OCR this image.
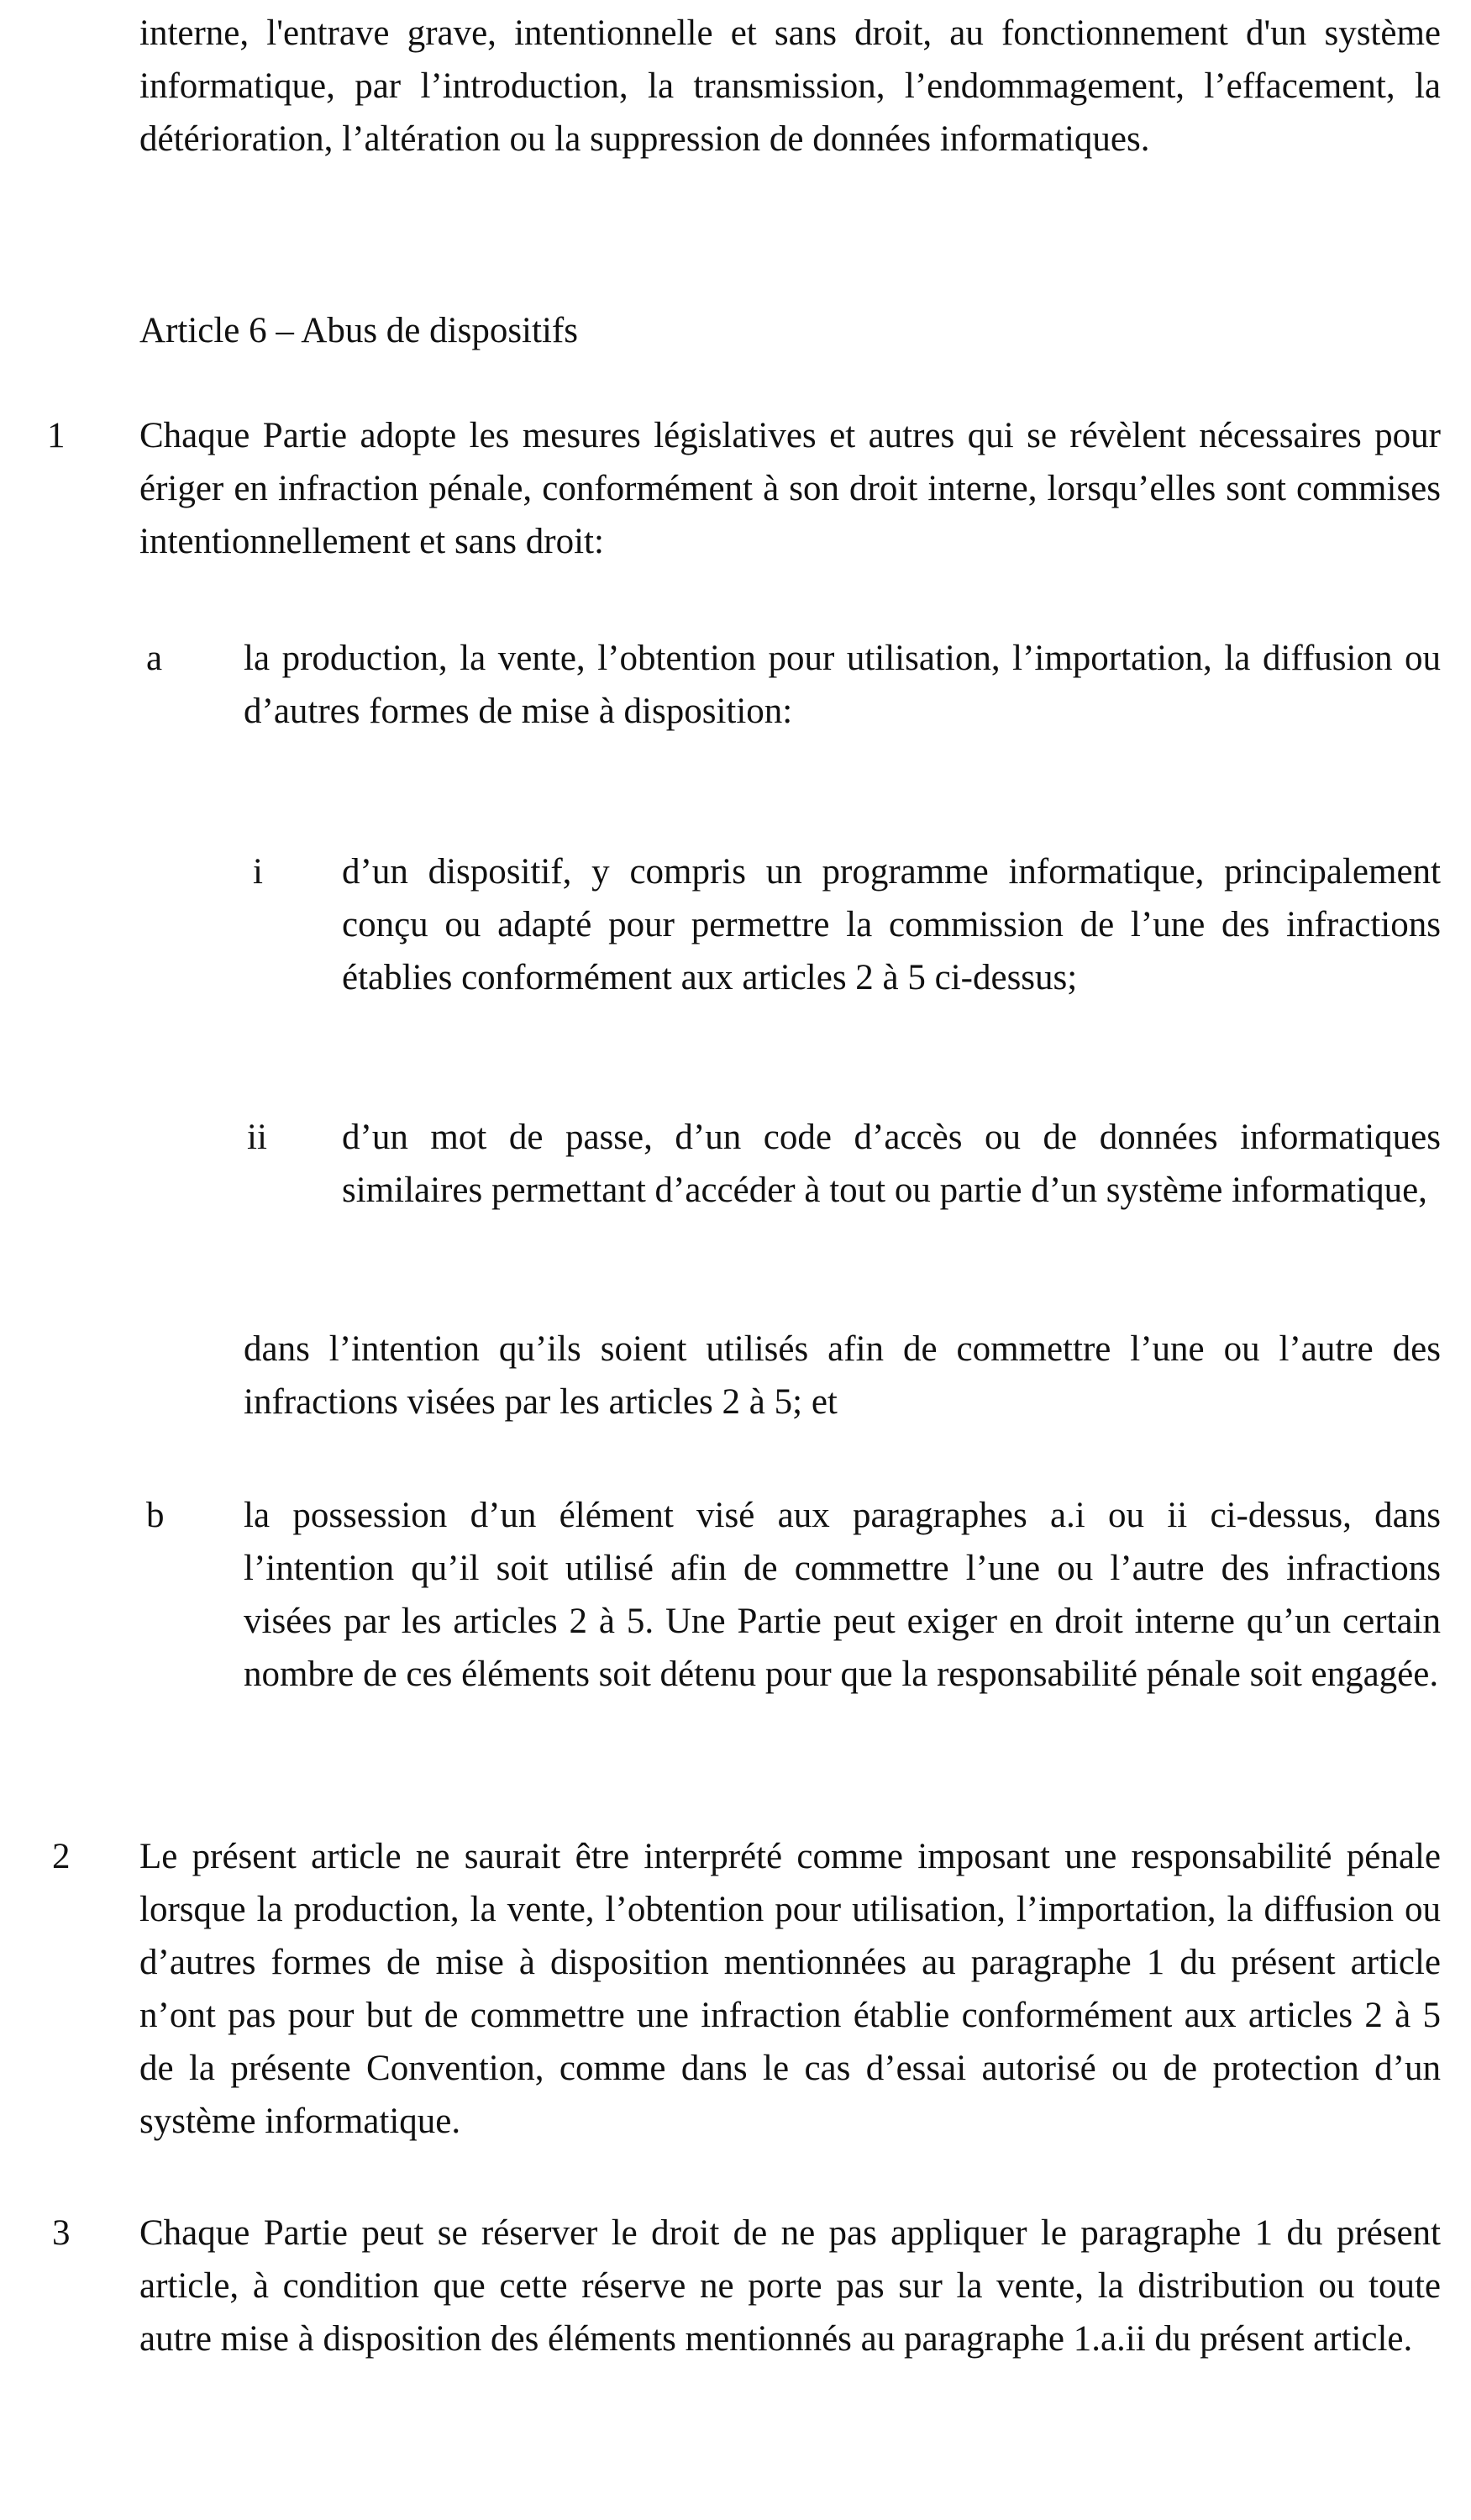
interne, l'entrave grave, intentionnelle et sans droit, au fonctionnement d'un système informatique, par l’introduction, la transmission, l’endommagement, l’effacement, la détérioration, l’altération ou la suppression de données informatiques.
Article 6 – Abus de dispositifs
1 Chaque Partie adopte les mesures législatives et autres qui se révèlent nécessaires pour ériger en infraction pénale, conformément à son droit interne, lorsqu’elles sont commises intentionnellement et sans droit:
a la production, la vente, l’obtention pour utilisation, l’importation, la diffusion ou d’autres formes de mise à disposition:
i d’un dispositif, y compris un programme informatique, principalement conçu ou adapté pour permettre la commission de l’une des infractions établies conformément aux articles 2 à 5 ci-dessus;
ii d’un mot de passe, d’un code d’accès ou de données informatiques similaires permettant d’accéder à tout ou partie d’un système informatique,
dans l’intention qu’ils soient utilisés afin de commettre l’une ou l’autre des infractions visées par les articles 2 à 5; et
b la possession d’un élément visé aux paragraphes a.i ou ii ci-dessus, dans l’intention qu’il soit utilisé afin de commettre l’une ou l’autre des infractions visées par les articles 2 à 5. Une Partie peut exiger en droit interne qu’un certain nombre de ces éléments soit détenu pour que la responsabilité pénale soit engagée.
2 Le présent article ne saurait être interprété comme imposant une responsabilité pénale lorsque la production, la vente, l’obtention pour utilisation, l’importation, la diffusion ou d’autres formes de mise à disposition mentionnées au paragraphe 1 du présent article n’ont pas pour but de commettre une infraction établie conformément aux articles 2 à 5 de la présente Convention, comme dans le cas d’essai autorisé ou de protection d’un système informatique.
3 Chaque Partie peut se réserver le droit de ne pas appliquer le paragraphe 1 du présent article, à condition que cette réserve ne porte pas sur la vente, la distribution ou toute autre mise à disposition des éléments mentionnés au paragraphe 1.a.ii du présent article.
